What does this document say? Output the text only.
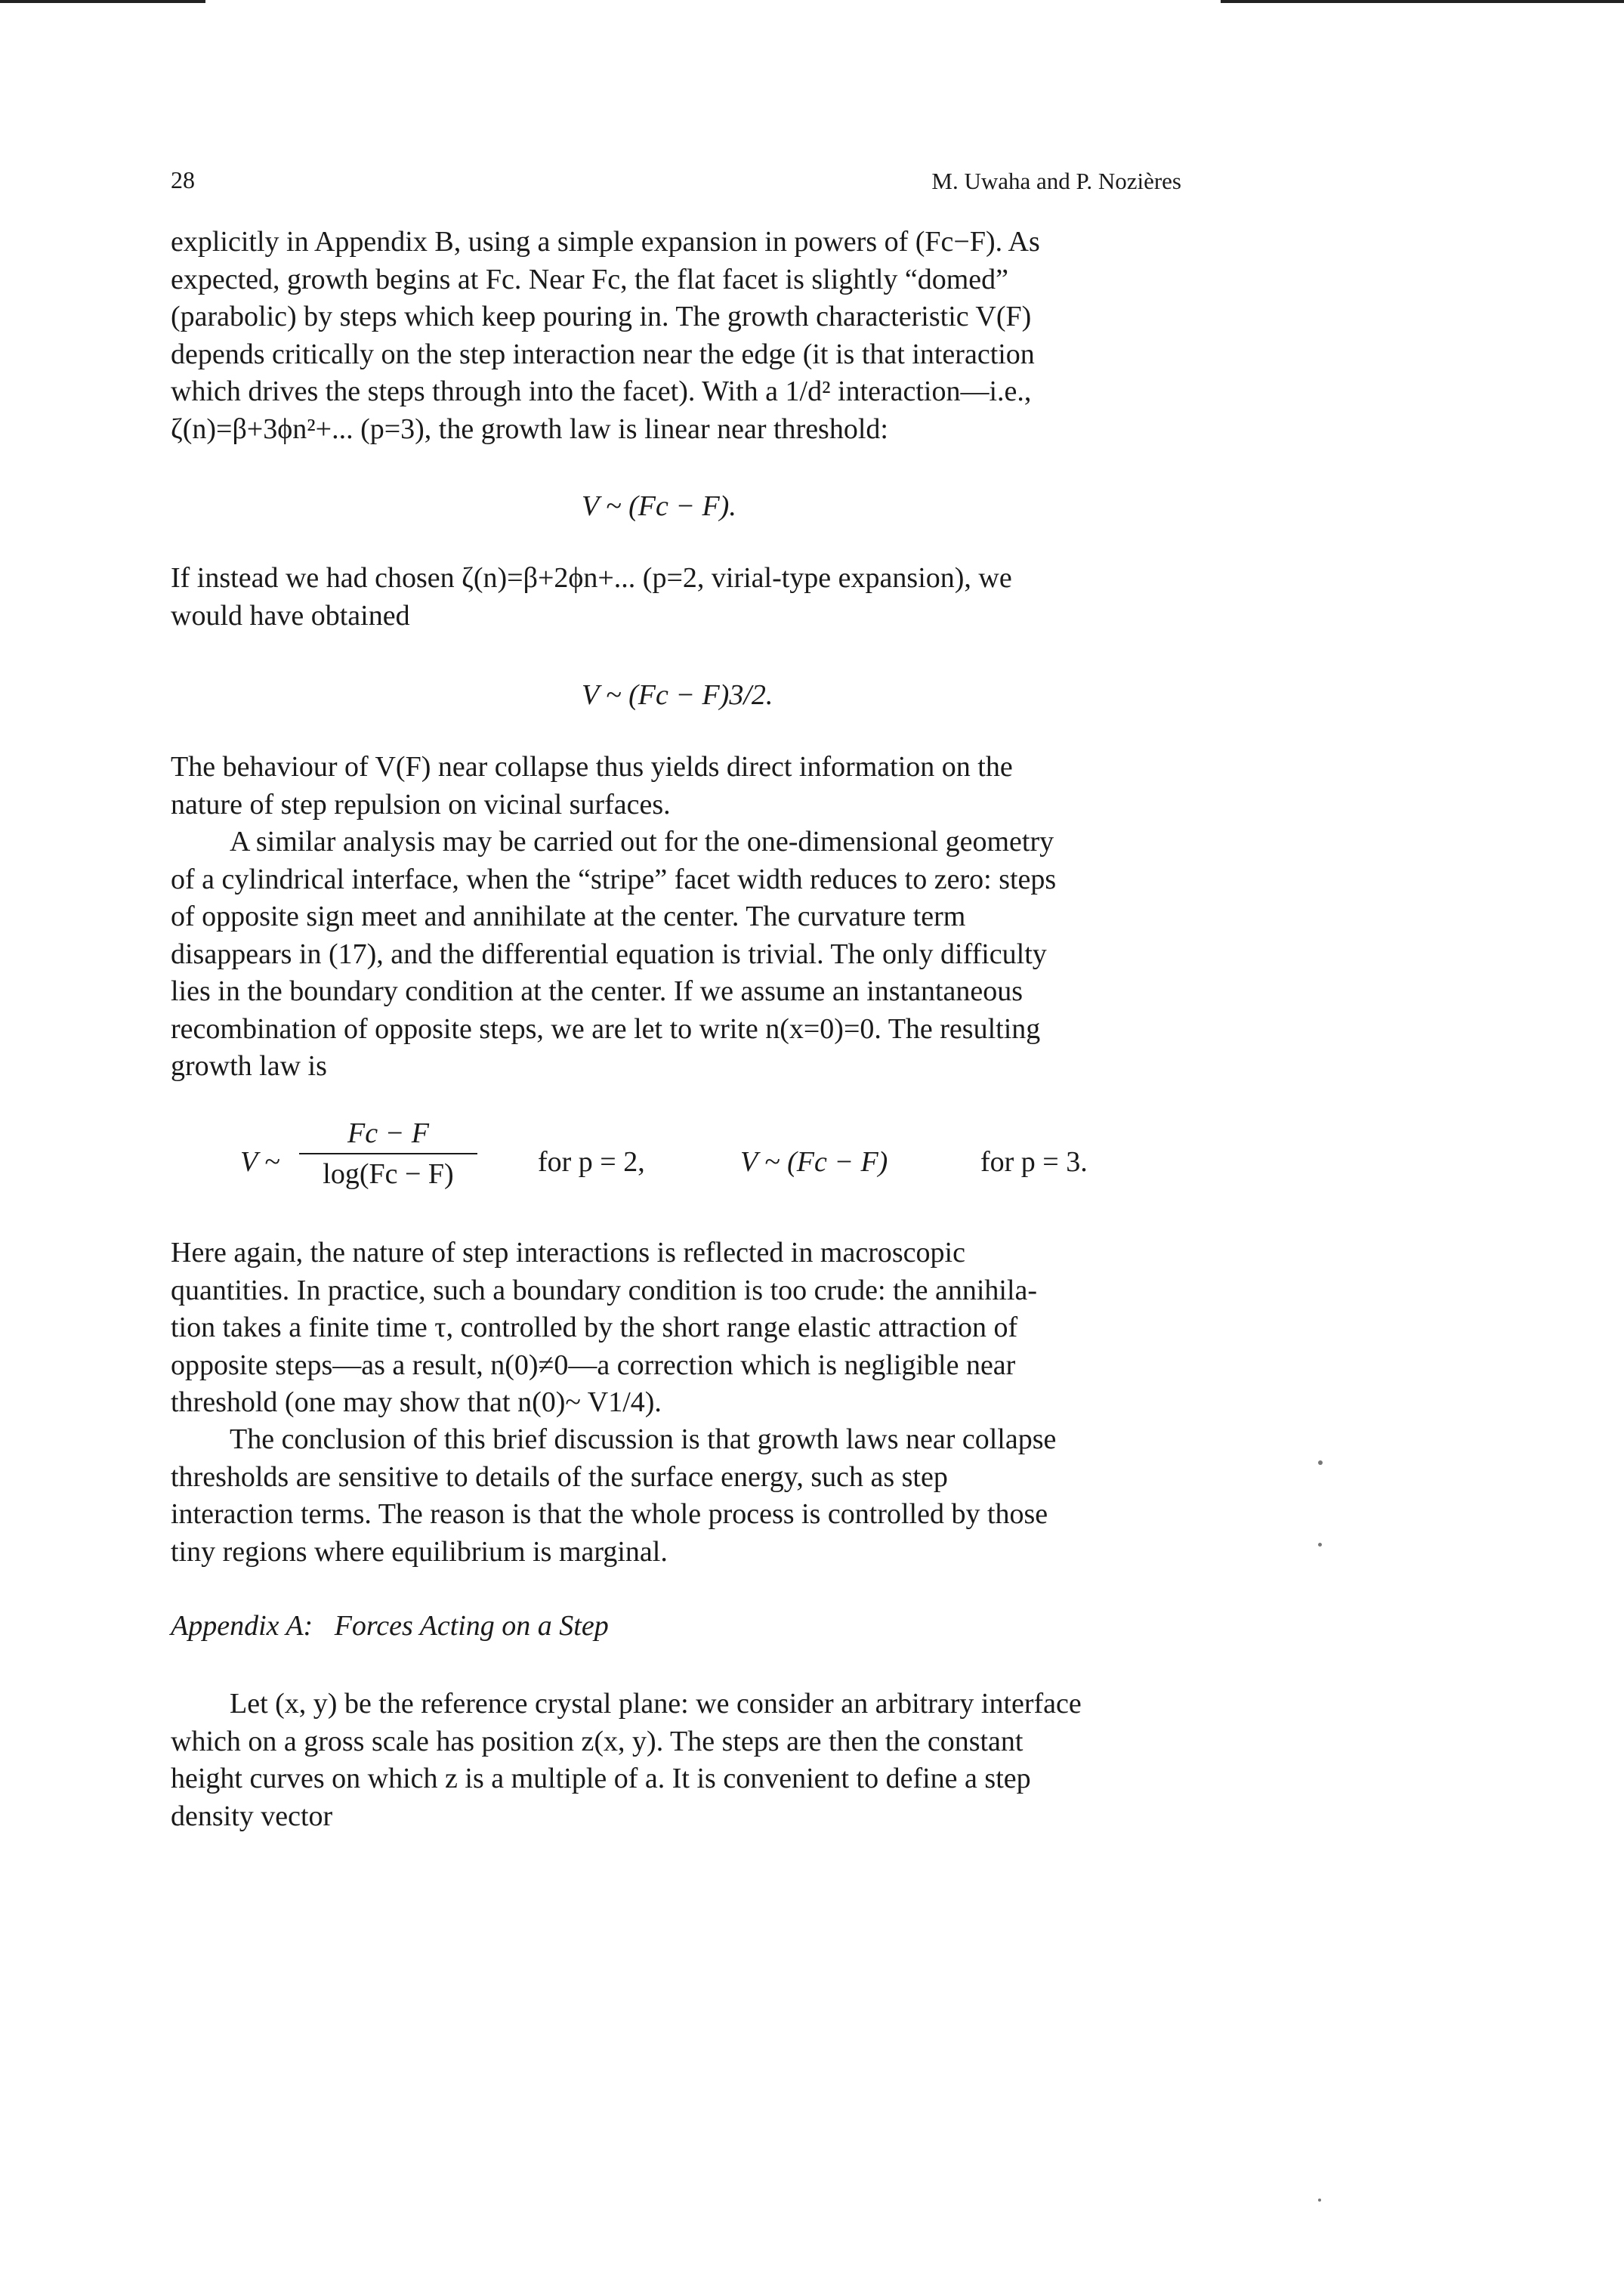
28	M. Uwaha and P. Nozières
explicitly in Appendix B, using a simple expansion in powers of (Fc−F). As
expected, growth begins at Fc. Near Fc, the flat facet is slightly “domed”
(parabolic) by steps which keep pouring in. The growth characteristic V(F)
depends critically on the step interaction near the edge (it is that interaction
which drives the steps through into the facet). With a 1/d² interaction—i.e.,
ζ(n)=β+3ϕn²+... (p=3), the growth law is linear near threshold:
V ~ (Fc − F).
If instead we had chosen ζ(n)=β+2ϕn+... (p=2, virial-type expansion), we
would have obtained
V ~ (Fc − F)3/2.
The behaviour of V(F) near collapse thus yields direct information on the
nature of step repulsion on vicinal surfaces.
A similar analysis may be carried out for the one-dimensional geometry
of a cylindrical interface, when the “stripe” facet width reduces to zero: steps
of opposite sign meet and annihilate at the center. The curvature term
disappears in (17), and the differential equation is trivial. The only difficulty
lies in the boundary condition at the center. If we assume an instantaneous
recombination of opposite steps, we are let to write n(x=0)=0. The resulting
growth law is
V ~
Fc − F
log(Fc − F)	for p = 2,	V ~ (Fc − F)	for p = 3.
Here again, the nature of step interactions is reflected in macroscopic
quantities. In practice, such a boundary condition is too crude: the annihila-
tion takes a finite time τ, controlled by the short range elastic attraction of
opposite steps—as a result, n(0)≠0—a correction which is negligible near
threshold (one may show that n(0)~ V1/4).
The conclusion of this brief discussion is that growth laws near collapse
thresholds are sensitive to details of the surface energy, such as step
interaction terms. The reason is that the whole process is controlled by those
tiny regions where equilibrium is marginal.
Appendix A: Forces Acting on a Step
Let (x, y) be the reference crystal plane: we consider an arbitrary interface
which on a gross scale has position z(x, y). The steps are then the constant
height curves on which z is a multiple of a. It is convenient to define a step
density vector
